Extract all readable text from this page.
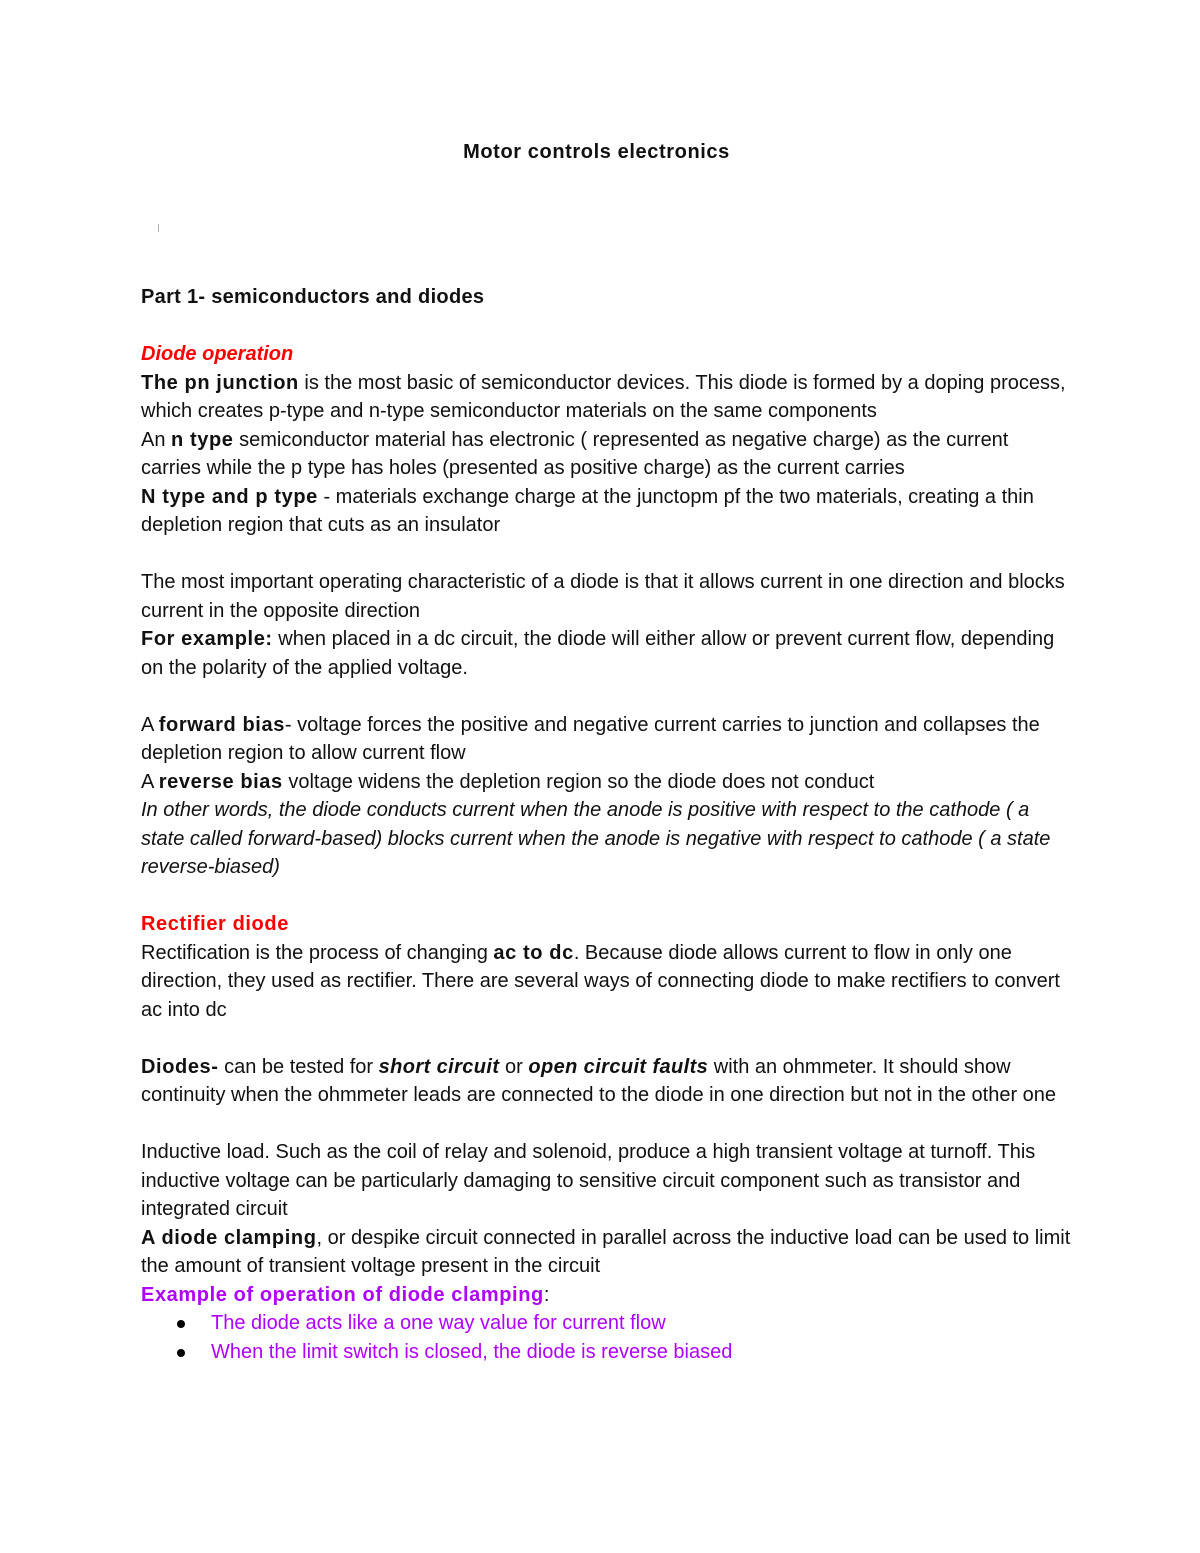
Motor controls electronics

Part 1- semiconductors and diodes

Diode operation

The pn junction is the most basic of semiconductor devices. This diode is formed by a doping process, which creates p-type and n-type semiconductor materials on the same components

An n type semiconductor material has electronic ( represented as negative charge) as the current carries while the p type has holes (presented as positive charge) as the current carries

N type and p type - materials exchange charge at the junctopm pf the two materials, creating a thin depletion region that cuts as an insulator

The most important operating characteristic of a diode is that it allows current in one direction and blocks current in the opposite direction

For example: when placed in a dc circuit, the diode will either allow or prevent current flow, depending on the polarity of the applied voltage.

A forward bias- voltage forces the positive and negative current carries to junction and collapses the depletion region to allow current flow

A reverse bias voltage widens the depletion region so the diode does not conduct

In other words, the diode conducts current when the anode is positive with respect to the cathode ( a state called forward-based) blocks current when the anode is negative with respect to cathode ( a state reverse-biased)

Rectifier diode

Rectification is the process of changing ac to dc. Because diode allows current to flow in only one direction, they used as rectifier. There are several ways of connecting diode to make rectifiers to convert ac into dc

Diodes- can be tested for short circuit or open circuit faults with an ohmmeter. It should show continuity when the ohmmeter leads are connected to the diode in one direction but not in the other one

Inductive load. Such as the coil of relay and solenoid, produce a high transient voltage at turnoff. This inductive voltage can be particularly damaging to sensitive circuit component such as transistor and integrated circuit

A diode clamping, or despike circuit connected in parallel across the inductive load can be used to limit the amount of transient voltage present in the circuit

Example of operation of diode clamping:

The diode acts like a one way value for current flow
When the limit switch is closed, the diode is reverse biased
